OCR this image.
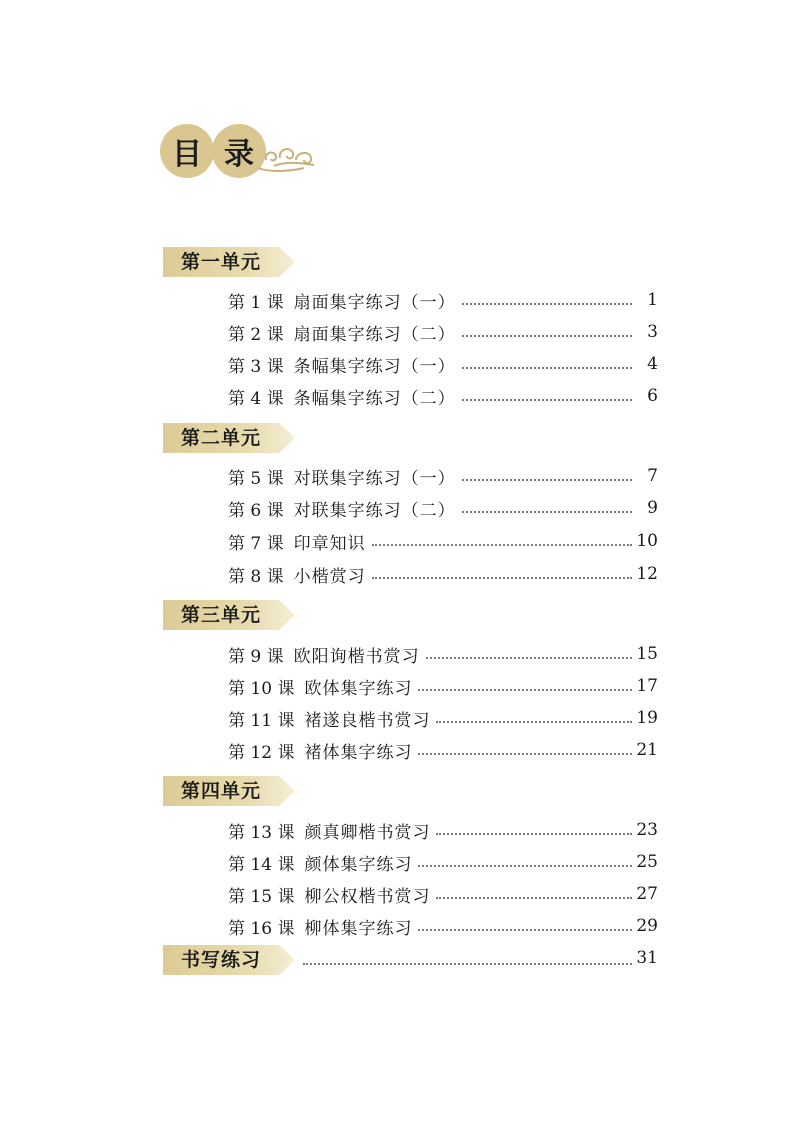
目 录
第一单元
第 1 课 扇面集字练习（一）	1
第 2 课 扇面集字练习（二）	3
第 3 课 条幅集字练习（一）	4
第 4 课 条幅集字练习（二）	6
第二单元
第 5 课 对联集字练习（一）	7
第 6 课 对联集字练习（二）	9
第 7 课 印章知识	10
第 8 课 小楷赏习	12
第三单元
第 9 课 欧阳询楷书赏习	15
第 10 课 欧体集字练习	17
第 11 课 褚遂良楷书赏习	19
第 12 课 褚体集字练习	21
第四单元
第 13 课 颜真卿楷书赏习	23
第 14 课 颜体集字练习	25
第 15 课 柳公权楷书赏习	27
第 16 课 柳体集字练习	29
书写练习	31
